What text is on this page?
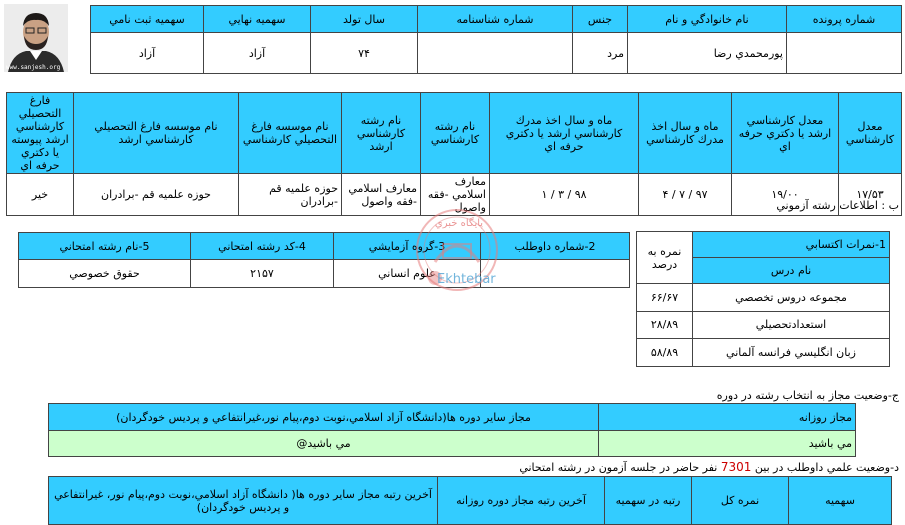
www.sanjesh.org
شماره پرونده	نام خانوادگي و نام	جنس	شماره شناسنامه	سال تولد	سهميه نهايي	سهميه ثبت نامي
	پورمحمدي رضا	مرد		۷۴	آزاد	آزاد
معدل كارشناسي	معدل كارشناسي ارشد يا دكتري حرفه اي	ماه و سال اخذ مدرك كارشناسي	ماه و سال اخذ مدرك كارشناسي ارشد يا دكتري حرفه اي	نام رشته كارشناسي	نام رشته كارشناسي ارشد	نام موسسه فارغ التحصيلي كارشناسي	نام موسسه فارغ التحصيلي كارشناسي ارشد	فارغ التحصيلي كارشناسي ارشد پيوسته يا دكتري حرفه اي
۱۷/۵۳	۱۹/۰۰	۹۷ / ۷ / ۴	۹۸ / ۳ / ۱	معارف اسلامي -فقه واصول	معارف اسلامي -فقه واصول	حوزه علميه قم -برادران	حوزه علميه قم -برادران	خير
ب : اطلاعات رشته آزموني
2-شماره داوطلب	3-گروه آزمايشي	4-كد رشته امتحاني	5-نام رشته امتحاني
	علوم انساني	۲۱۵۷	حقوق خصوصي
1-نمرات اكتسابي	نمره به درصد
نام درس	
مجموعه دروس تخصصي	۶۶/۶۷
استعدادتحصيلي	۲۸/۸۹
زبان انگليسي فرانسه آلماني	۵۸/۸۹
ج-وضعيت مجاز به انتخاب رشته در دوره
مجاز روزانه	مجاز ساير دوره ها(دانشگاه آزاد اسلامي،نوبت دوم،پيام نور،غيرانتفاعي و پرديس خودگردان)
مي باشيد	مي باشيد@
د-وضعيت علمي داوطلب در بين 7301 نفر حاضر در جلسه آزمون در رشته امتحاني
سهميه	نمره كل	رتبه در سهميه	آخرين رتبه مجاز دوره روزانه	آخرين رتبه مجاز ساير دوره ها( دانشگاه آزاد اسلامي،نوبت دوم،پيام نور، غيرانتفاعي و پرديس خودگردان)
پايگاه خبري
Ekhtebar
